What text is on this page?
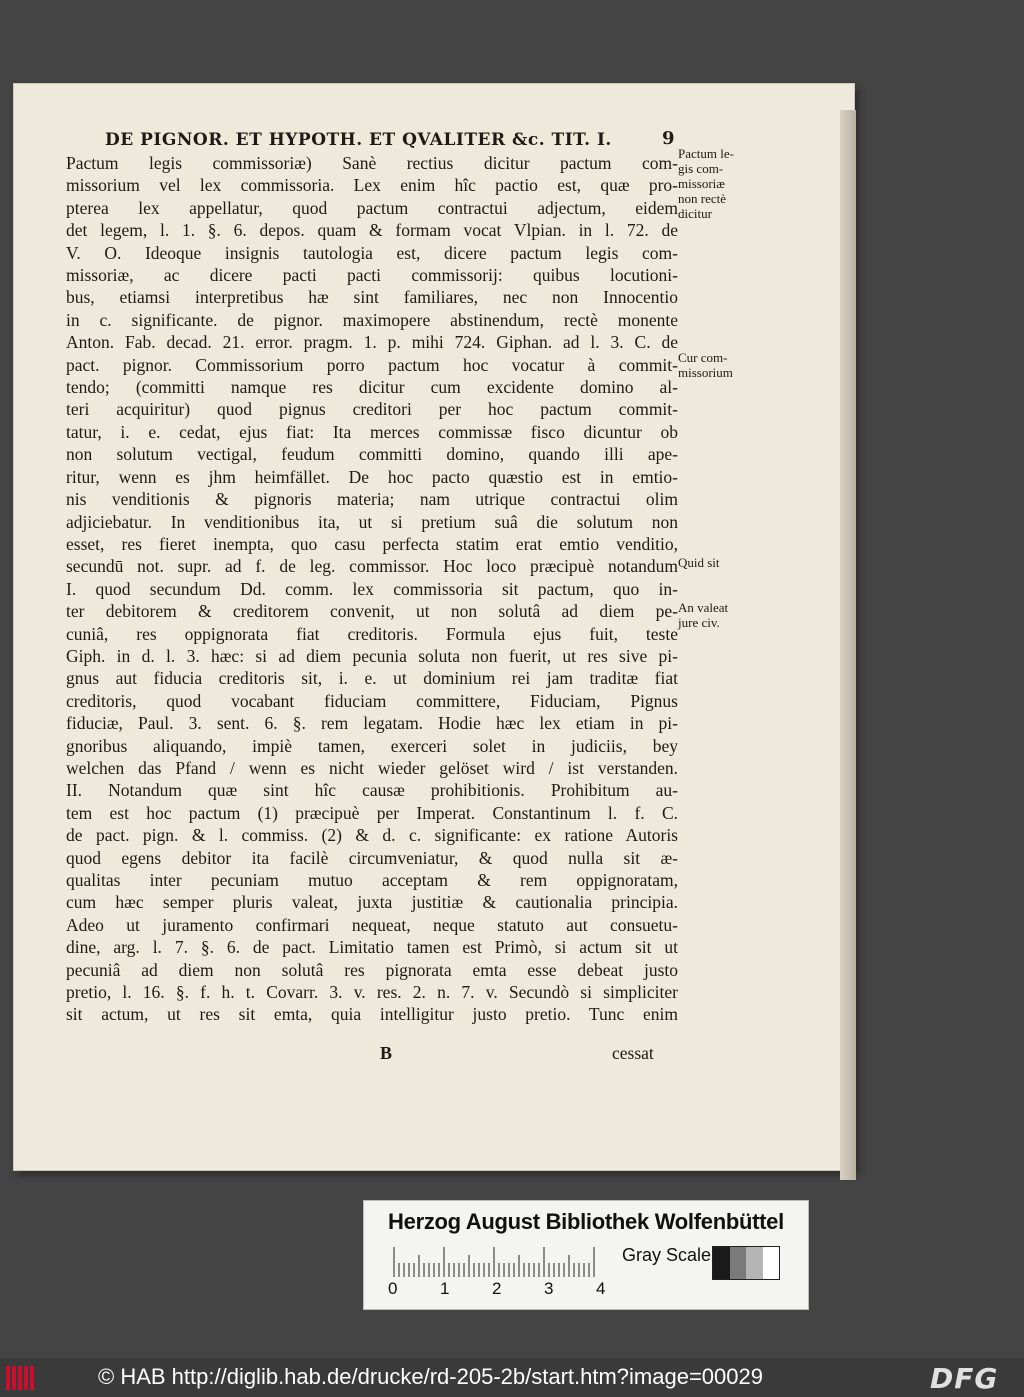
DE PIGNOR. ET HYPOTH. ET QVALITER &c. TIT. I.	9
Pactum legis commissoriæ) Sanè rectius dicitur pactum com-
missorium vel lex commissoria. Lex enim hîc pactio est, quæ pro-
pterea lex appellatur, quod pactum contractui adjectum, eidem
det legem, l. 1. §. 6. depos. quam & formam vocat Vlpian. in l. 72. de
V. O. Ideoque insignis tautologia est, dicere pactum legis com-
missoriæ, ac dicere pacti pacti commissorij: quibus locutioni-
bus, etiamsi interpretibus hæ sint familiares, nec non Innocentio
in c. significante. de pignor. maximopere abstinendum, rectè monente
Anton. Fab. decad. 21. error. pragm. 1. p. mihi 724. Giphan. ad l. 3. C. de
pact. pignor. Commissorium porro pactum hoc vocatur à commit-
tendo; (committi namque res dicitur cum excidente domino al-
teri acquiritur) quod pignus creditori per hoc pactum commit-
tatur, i. e. cedat, ejus fiat: Ita merces commissæ fisco dicuntur ob
non solutum vectigal, feudum committi domino, quando illi ape-
ritur, wenn es jhm heimfället. De hoc pacto quæstio est in emtio-
nis venditionis & pignoris materia; nam utrique contractui olim
adjiciebatur. In venditionibus ita, ut si pretium suâ die solutum non
esset, res fieret inempta, quo casu perfecta statim erat emtio venditio,
secundū not. supr. ad f. de leg. commissor. Hoc loco præcipuè notandum
I. quod secundum Dd. comm. lex commissoria sit pactum, quo in-
ter debitorem & creditorem convenit, ut non solutâ ad diem pe-
cuniâ, res oppignorata fiat creditoris. Formula ejus fuit, teste
Giph. in d. l. 3. hæc: si ad diem pecunia soluta non fuerit, ut res sive pi-
gnus aut fiducia creditoris sit, i. e. ut dominium rei jam traditæ fiat
creditoris, quod vocabant fiduciam committere, Fiduciam, Pignus
fiduciæ, Paul. 3. sent. 6. §. rem legatam. Hodie hæc lex etiam in pi-
gnoribus aliquando, impiè tamen, exerceri solet in judiciis, bey
welchen das Pfand / wenn es nicht wieder gelöset wird / ist verstanden.
II. Notandum quæ sint hîc causæ prohibitionis. Prohibitum au-
tem est hoc pactum (1) præcipuè per Imperat. Constantinum l. f. C.
de pact. pign. & l. commiss. (2) & d. c. significante: ex ratione Autoris
quod egens debitor ita facilè circumveniatur, & quod nulla sit æ-
qualitas inter pecuniam mutuo acceptam & rem oppignoratam,
cum hæc semper pluris valeat, juxta justitiæ & cautionalia principia.
Adeo ut juramento confirmari nequeat, neque statuto aut consuetu-
dine, arg. l. 7. §. 6. de pact. Limitatio tamen est Primò, si actum sit ut
pecuniâ ad diem non solutâ res pignorata emta esse debeat justo
pretio, l. 16. §. f. h. t. Covarr. 3. v. res. 2. n. 7. v. Secundò si simpliciter
sit actum, ut res sit emta, quia intelligitur justo pretio. Tunc enim
Pactum le-
gis com-
missoriæ
non rectè
dicitur
Cur com-
missorium
Quid sit
An valeat
jure civ.
B	cessat
Herzog August Bibliothek Wolfenbüttel
0	1	2	3	4
Gray Scale
© HAB http://diglib.hab.de/drucke/rd-205-2b/start.htm?image=00029	DFG
